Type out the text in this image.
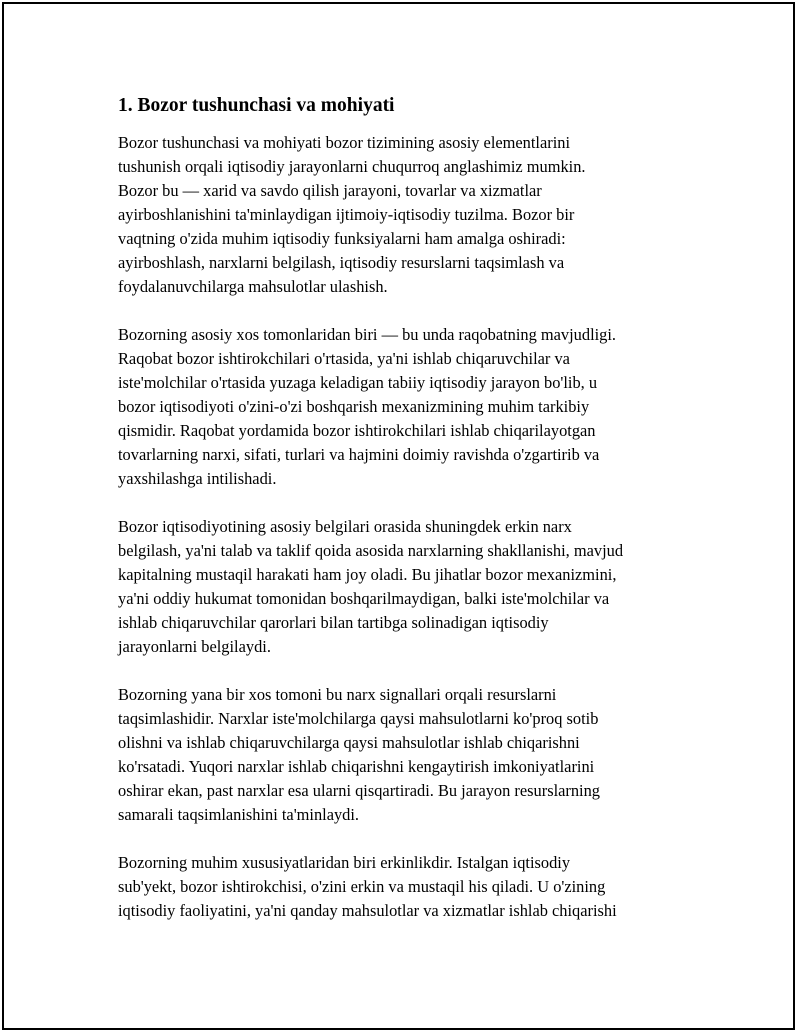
1. Bozor tushunchasi va mohiyati
Bozor tushunchasi va mohiyati bozor tizimining asosiy elementlarini
tushunish orqali iqtisodiy jarayonlarni chuqurroq anglashimiz mumkin.
Bozor bu — xarid va savdo qilish jarayoni, tovarlar va xizmatlar
ayirboshlanishini ta'minlaydigan ijtimoiy-iqtisodiy tuzilma. Bozor bir
vaqtning o'zida muhim iqtisodiy funksiyalarni ham amalga oshiradi:
ayirboshlash, narxlarni belgilash, iqtisodiy resurslarni taqsimlash va
foydalanuvchilarga mahsulotlar ulashish.
Bozorning asosiy xos tomonlaridan biri — bu unda raqobatning mavjudligi.
Raqobat bozor ishtirokchilari o'rtasida, ya'ni ishlab chiqaruvchilar va
iste'molchilar o'rtasida yuzaga keladigan tabiiy iqtisodiy jarayon bo'lib, u
bozor iqtisodiyoti o'zini-o'zi boshqarish mexanizmining muhim tarkibiy
qismidir. Raqobat yordamida bozor ishtirokchilari ishlab chiqarilayotgan
tovarlarning narxi, sifati, turlari va hajmini doimiy ravishda o'zgartirib va
yaxshilashga intilishadi.
Bozor iqtisodiyotining asosiy belgilari orasida shuningdek erkin narx
belgilash, ya'ni talab va taklif qoida asosida narxlarning shakllanishi, mavjud
kapitalning mustaqil harakati ham joy oladi. Bu jihatlar bozor mexanizmini,
ya'ni oddiy hukumat tomonidan boshqarilmaydigan, balki iste'molchilar va
ishlab chiqaruvchilar qarorlari bilan tartibga solinadigan iqtisodiy
jarayonlarni belgilaydi.
Bozorning yana bir xos tomoni bu narx signallari orqali resurslarni
taqsimlashidir. Narxlar iste'molchilarga qaysi mahsulotlarni ko'proq sotib
olishni va ishlab chiqaruvchilarga qaysi mahsulotlar ishlab chiqarishni
ko'rsatadi. Yuqori narxlar ishlab chiqarishni kengaytirish imkoniyatlarini
oshirar ekan, past narxlar esa ularni qisqartiradi. Bu jarayon resurslarning
samarali taqsimlanishini ta'minlaydi.
Bozorning muhim xususiyatlaridan biri erkinlikdir. Istalgan iqtisodiy
sub'yekt, bozor ishtirokchisi, o'zini erkin va mustaqil his qiladi. U o'zining
iqtisodiy faoliyatini, ya'ni qanday mahsulotlar va xizmatlar ishlab chiqarishi
